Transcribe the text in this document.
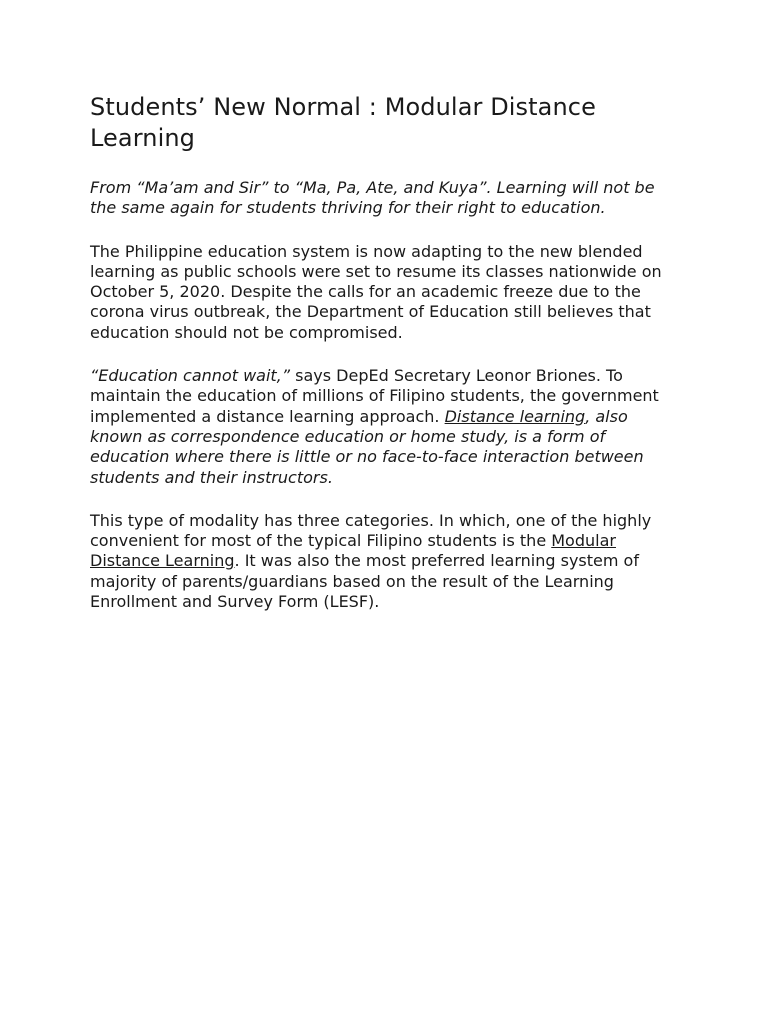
Students’ New Normal : Modular Distance Learning

From “Ma’am and Sir” to “Ma, Pa, Ate, and Kuya”. Learning will not be the same again for students thriving for their right to education.

The Philippine education system is now adapting to the new blended learning as public schools were set to resume its classes nationwide on October 5, 2020. Despite the calls for an academic freeze due to the corona virus outbreak, the Department of Education still believes that education should not be compromised.

“Education cannot wait,” says DepEd Secretary Leonor Briones. To maintain the education of millions of Filipino students, the government implemented a distance learning approach. Distance learning, also known as correspondence education or home study, is a form of education where there is little or no face-to-face interaction between students and their instructors.

This type of modality has three categories. In which, one of the highly convenient for most of the typical Filipino students is the Modular Distance Learning. It was also the most preferred learning system of majority of parents/guardians based on the result of the Learning Enrollment and Survey Form (LESF).
